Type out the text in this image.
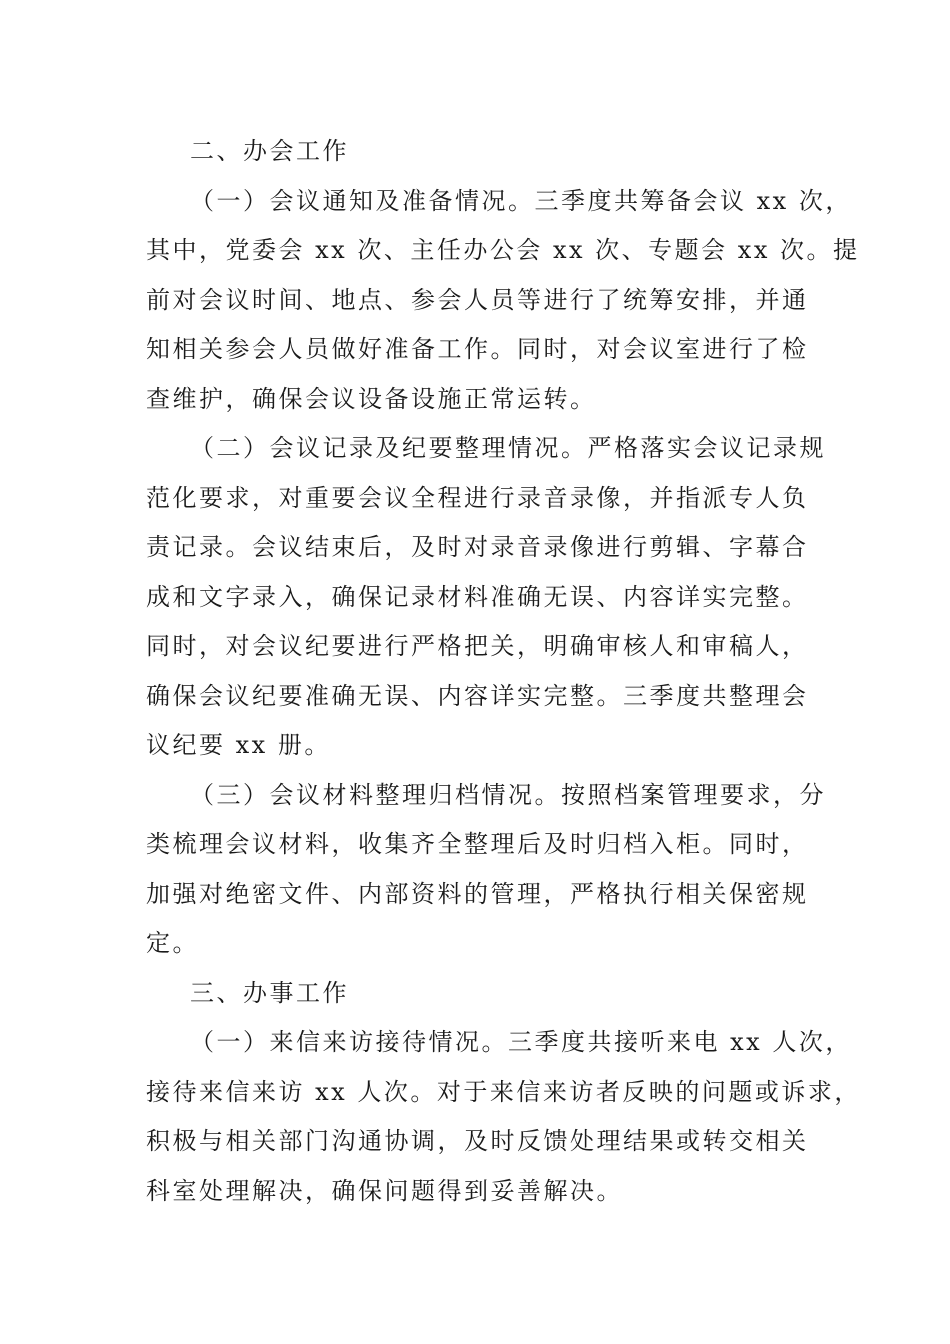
二、办会工作
（一）会议通知及准备情况。三季度共筹备会议 xx 次，
其中，党委会 xx 次、主任办公会 xx 次、专题会 xx 次。提
前对会议时间、地点、参会人员等进行了统筹安排，并通
知相关参会人员做好准备工作。同时，对会议室进行了检
查维护，确保会议设备设施正常运转。
（二）会议记录及纪要整理情况。严格落实会议记录规
范化要求，对重要会议全程进行录音录像，并指派专人负
责记录。会议结束后，及时对录音录像进行剪辑、字幕合
成和文字录入，确保记录材料准确无误、内容详实完整。
同时，对会议纪要进行严格把关，明确审核人和审稿人，
确保会议纪要准确无误、内容详实完整。三季度共整理会
议纪要 xx 册。
（三）会议材料整理归档情况。按照档案管理要求，分
类梳理会议材料，收集齐全整理后及时归档入柜。同时，
加强对绝密文件、内部资料的管理，严格执行相关保密规
定。
三、办事工作
（一）来信来访接待情况。三季度共接听来电 xx 人次，
接待来信来访 xx 人次。对于来信来访者反映的问题或诉求，
积极与相关部门沟通协调，及时反馈处理结果或转交相关
科室处理解决，确保问题得到妥善解决。
